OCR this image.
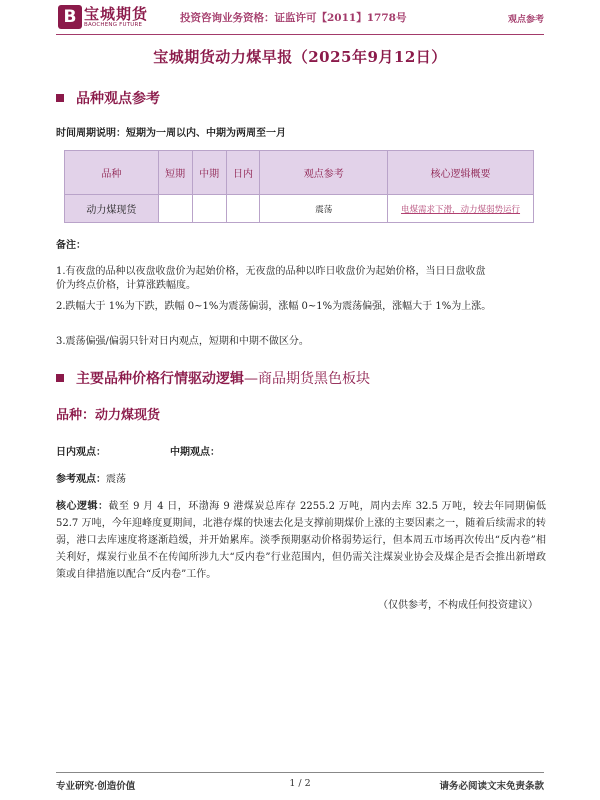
B 宝城期货
BAOCHENG FUTURE
投资咨询业务资格：证监许可【2011】1778号	观点参考
宝城期货动力煤早报（2025年9月12日）
品种观点参考
时间周期说明：短期为一周以内、中期为两周至一月
品种	短期	中期	日内	观点参考	核心逻辑概要
动力煤现货				震荡	电煤需求下滑，动力煤弱势运行
备注：
1.有夜盘的品种以夜盘收盘价为起始价格，无夜盘的品种以昨日收盘价为起始价格，当日日盘收盘
价为终点价格，计算涨跌幅度。
2.跌幅大于 1%为下跌，跌幅 0~1%为震荡偏弱，涨幅 0~1%为震荡偏强，涨幅大于 1%为上涨。
3.震荡偏强/偏弱只针对日内观点，短期和中期不做区分。
主要品种价格行情驱动逻辑—商品期货黑色板块
品种：动力煤现货
日内观点：	中期观点：
参考观点：震荡
核心逻辑：截至 9 月 4 日，环渤海 9 港煤炭总库存 2255.2 万吨，周内去库 32.5 万吨，较去年同期偏低 52.7 万吨，今年迎峰度夏期间，北港存煤的快速去化是支撑前期煤价上涨的主要因素之一，随着后续需求的转弱，港口去库速度将逐渐趋缓，并开始累库。淡季预期驱动价格弱势运行，但本周五市场再次传出“反内卷”相关利好，煤炭行业虽不在传闻所涉九大“反内卷”行业范围内，但仍需关注煤炭业协会及煤企是否会推出新增政策或自律措施以配合“反内卷”工作。
（仅供参考，不构成任何投资建议）
专业研究·创造价值	1 / 2	请务必阅读文末免责条款
